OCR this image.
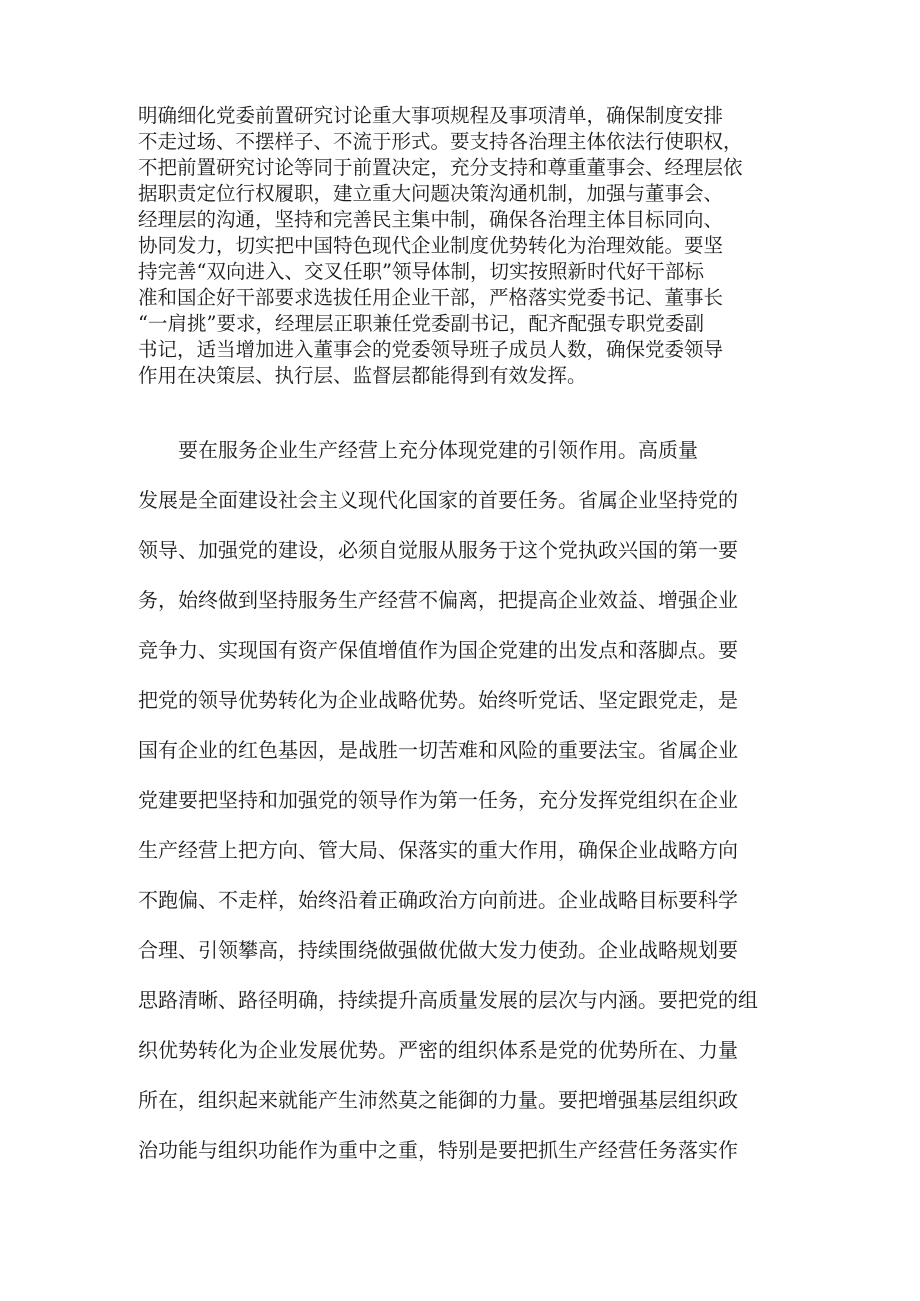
明确细化党委前置研究讨论重大事项规程及事项清单，确保制度安排
不走过场、不摆样子、不流于形式。要支持各治理主体依法行使职权，
不把前置研究讨论等同于前置决定，充分支持和尊重董事会、经理层依
据职责定位行权履职，建立重大问题决策沟通机制，加强与董事会、
经理层的沟通，坚持和完善民主集中制，确保各治理主体目标同向、
协同发力，切实把中国特色现代企业制度优势转化为治理效能。要坚
持完善“双向进入、交叉任职”领导体制，切实按照新时代好干部标
准和国企好干部要求选拔任用企业干部，严格落实党委书记、董事长
“一肩挑”要求，经理层正职兼任党委副书记，配齐配强专职党委副
书记，适当增加进入董事会的党委领导班子成员人数，确保党委领导
作用在决策层、执行层、监督层都能得到有效发挥。
　　要在服务企业生产经营上充分体现党建的引领作用。高质量
发展是全面建设社会主义现代化国家的首要任务。省属企业坚持党的
领导、加强党的建设，必须自觉服从服务于这个党执政兴国的第一要
务，始终做到坚持服务生产经营不偏离，把提高企业效益、增强企业
竞争力、实现国有资产保值增值作为国企党建的出发点和落脚点。要
把党的领导优势转化为企业战略优势。始终听党话、坚定跟党走，是
国有企业的红色基因，是战胜一切苦难和风险的重要法宝。省属企业
党建要把坚持和加强党的领导作为第一任务，充分发挥党组织在企业
生产经营上把方向、管大局、保落实的重大作用，确保企业战略方向
不跑偏、不走样，始终沿着正确政治方向前进。企业战略目标要科学
合理、引领攀高，持续围绕做强做优做大发力使劲。企业战略规划要
思路清晰、路径明确，持续提升高质量发展的层次与内涵。要把党的组
织优势转化为企业发展优势。严密的组织体系是党的优势所在、力量
所在，组织起来就能产生沛然莫之能御的力量。要把增强基层组织政
治功能与组织功能作为重中之重，特别是要把抓生产经营任务落实作
